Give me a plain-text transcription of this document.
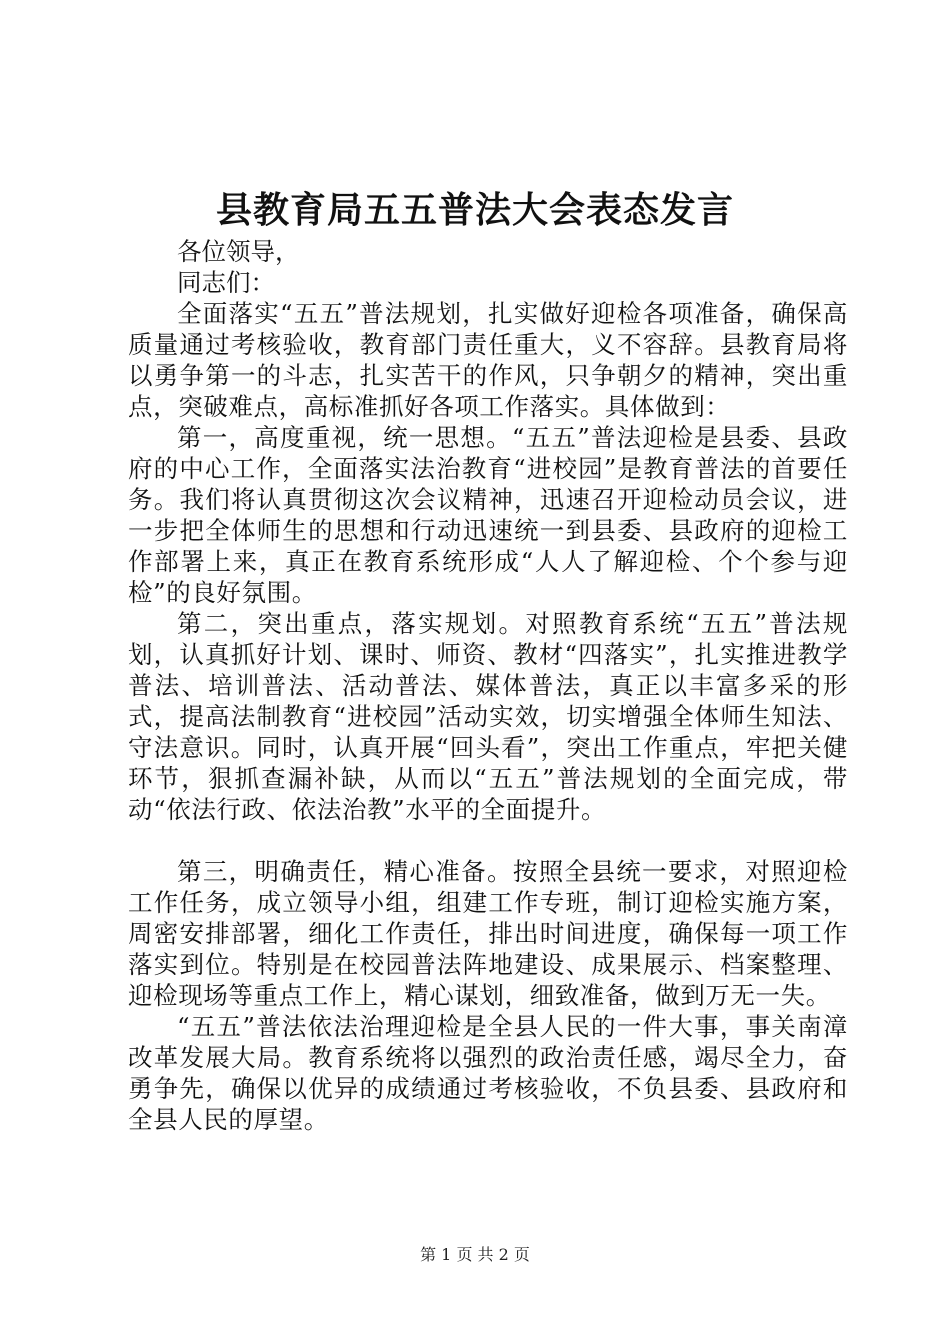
县教育局五五普法大会表态发言

各位领导，

同志们：

全面落实“五五”普法规划，扎实做好迎检各项准备，确保高质量通过考核验收，教育部门责任重大，义不容辞。县教育局将以勇争第一的斗志，扎实苦干的作风，只争朝夕的精神，突出重点，突破难点，高标准抓好各项工作落实。具体做到：

第一，高度重视，统一思想。“五五”普法迎检是县委、县政府的中心工作，全面落实法治教育“进校园”是教育普法的首要任务。我们将认真贯彻这次会议精神，迅速召开迎检动员会议，进一步把全体师生的思想和行动迅速统一到县委、县政府的迎检工作部署上来，真正在教育系统形成“人人了解迎检、个个参与迎检”的良好氛围。

第二，突出重点，落实规划。对照教育系统“五五”普法规划，认真抓好计划、课时、师资、教材“四落实”，扎实推进教学普法、培训普法、活动普法、媒体普法，真正以丰富多采的形式，提高法制教育“进校园”活动实效，切实增强全体师生知法、守法意识。同时，认真开展“回头看”，突出工作重点，牢把关健环节，狠抓查漏补缺，从而以“五五”普法规划的全面完成，带动“依法行政、依法治教”水平的全面提升。

第三，明确责任，精心准备。按照全县统一要求，对照迎检工作任务，成立领导小组，组建工作专班，制订迎检实施方案，周密安排部署，细化工作责任，排出时间进度，确保每一项工作落实到位。特别是在校园普法阵地建设、成果展示、档案整理、迎检现场等重点工作上，精心谋划，细致准备，做到万无一失。

“五五”普法依法治理迎检是全县人民的一件大事，事关南漳改革发展大局。教育系统将以强烈的政治责任感，竭尽全力，奋勇争先，确保以优异的成绩通过考核验收，不负县委、县政府和全县人民的厚望。

第 1 页 共 2 页
